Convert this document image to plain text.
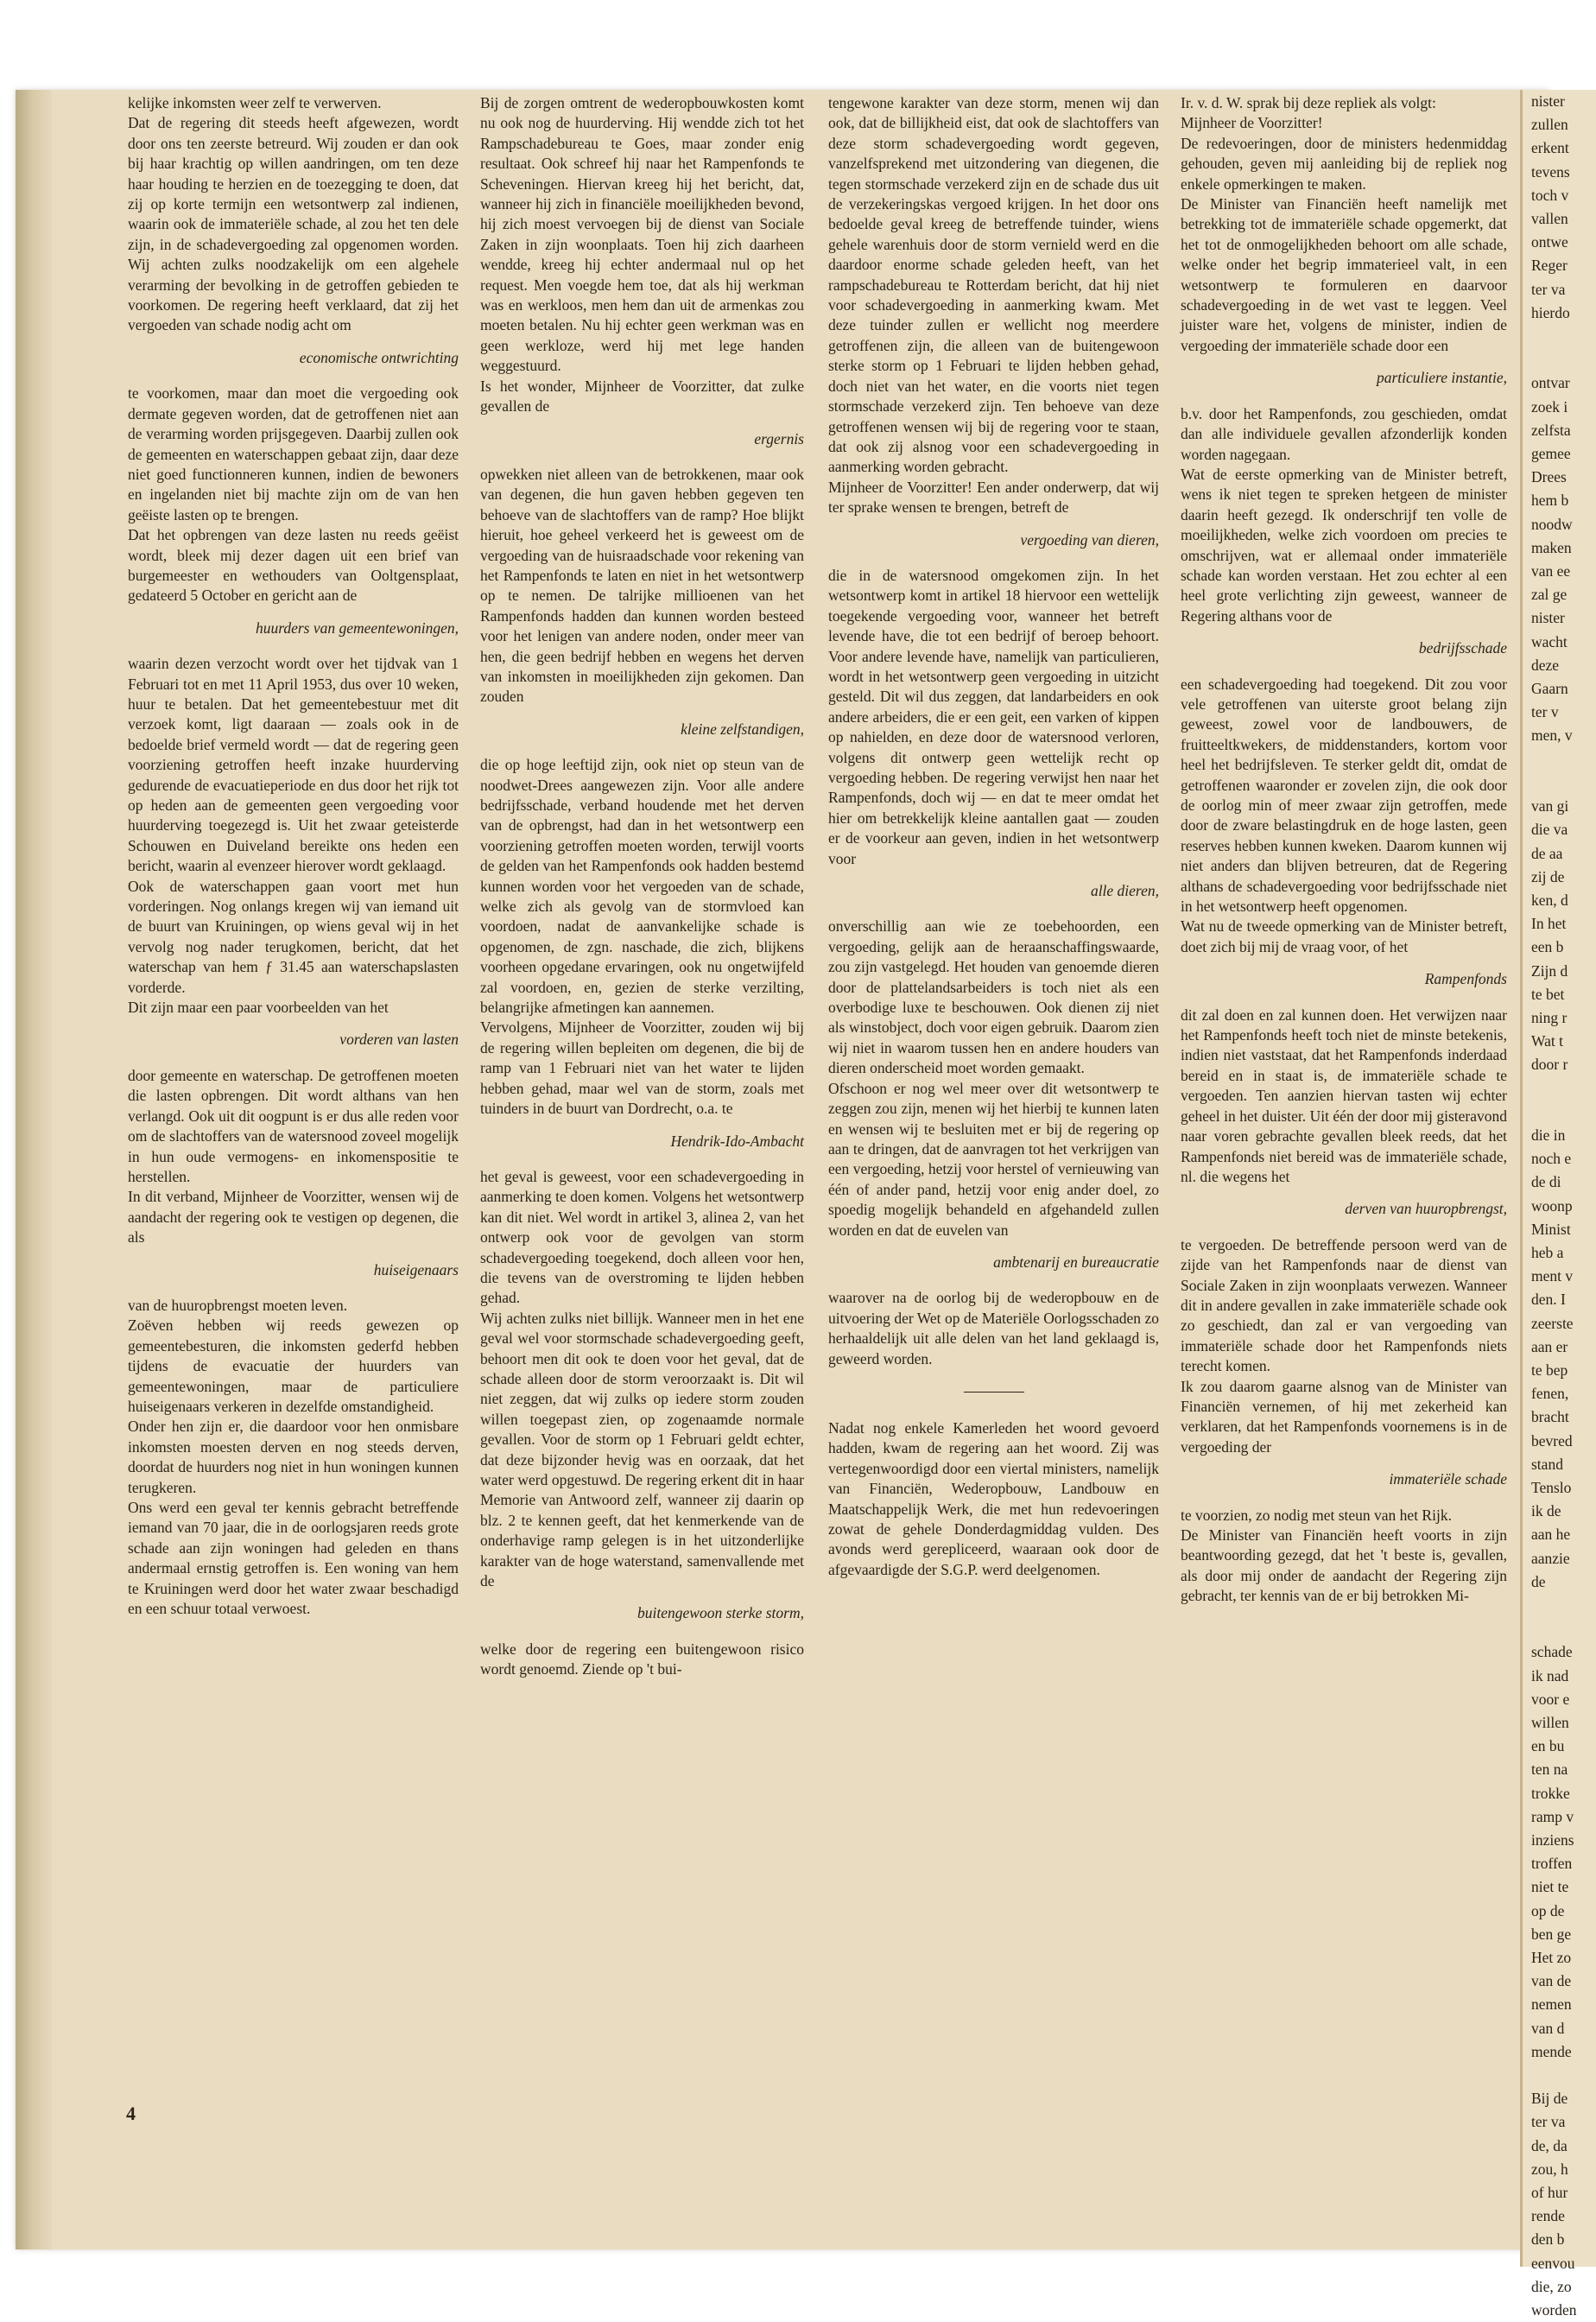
kelijke inkomsten weer zelf te verwerven.

Dat de regering dit steeds heeft afgewezen, wordt door ons ten zeerste betreurd. Wij zouden er dan ook bij haar krachtig op willen aandringen, om ten deze haar houding te herzien en de toezegging te doen, dat zij op korte termijn een wetsontwerp zal indienen, waarin ook de immateriële schade, al zou het ten dele zijn, in de schadevergoeding zal opgenomen worden. Wij achten zulks noodzakelijk om een algehele verarming der bevolking in de getroffen gebieden te voorkomen. De regering heeft verklaard, dat zij het vergoeden van schade nodig acht om

economische ontwrichting

te voorkomen, maar dan moet die vergoeding ook dermate gegeven worden, dat de getroffenen niet aan de verarming worden prijsgegeven. Daarbij zullen ook de gemeenten en waterschappen gebaat zijn, daar deze niet goed functionneren kunnen, indien de bewoners en ingelanden niet bij machte zijn om de van hen geëiste lasten op te brengen.

Dat het opbrengen van deze lasten nu reeds geëist wordt, bleek mij dezer dagen uit een brief van burgemeester en wethouders van Ooltgensplaat, gedateerd 5 October en gericht aan de

huurders van gemeentewoningen,

waarin dezen verzocht wordt over het tijdvak van 1 Februari tot en met 11 April 1953, dus over 10 weken, huur te betalen. Dat het gemeentebestuur met dit verzoek komt, ligt daaraan — zoals ook in de bedoelde brief vermeld wordt — dat de regering geen voorziening getroffen heeft inzake huurderving gedurende de evacuatieperiode en dus door het rijk tot op heden aan de gemeenten geen vergoeding voor huurderving toegezegd is. Uit het zwaar geteisterde Schouwen en Duiveland bereikte ons heden een bericht, waarin al evenzeer hierover wordt geklaagd.

Ook de waterschappen gaan voort met hun vorderingen. Nog onlangs kregen wij van iemand uit de buurt van Kruiningen, op wiens geval wij in het vervolg nog nader terugkomen, bericht, dat het waterschap van hem ƒ 31.45 aan waterschapslasten vorderde.

Dit zijn maar een paar voorbeelden van het

vorderen van lasten

door gemeente en waterschap. De getroffenen moeten die lasten opbrengen. Dit wordt althans van hen verlangd. Ook uit dit oogpunt is er dus alle reden voor om de slachtoffers van de watersnood zoveel mogelijk in hun oude vermogens- en inkomenspositie te herstellen.

In dit verband, Mijnheer de Voorzitter, wensen wij de aandacht der regering ook te vestigen op degenen, die als

huiseigenaars

van de huuropbrengst moeten leven.

Zoëven hebben wij reeds gewezen op gemeentebesturen, die inkomsten gederfd hebben tijdens de evacuatie der huurders van gemeentewoningen, maar de particuliere huiseigenaars verkeren in dezelfde omstandigheid.

Onder hen zijn er, die daardoor voor hen onmisbare inkomsten moesten derven en nog steeds derven, doordat de huurders nog niet in hun woningen kunnen terugkeren.

Ons werd een geval ter kennis gebracht betreffende iemand van 70 jaar, die in de oorlogsjaren reeds grote schade aan zijn woningen had geleden en thans andermaal ernstig getroffen is. Een woning van hem te Kruiningen werd door het water zwaar beschadigd en een schuur totaal verwoest.

Bij de zorgen omtrent de wederopbouwkosten komt nu ook nog de huurderving. Hij wendde zich tot het Rampschadebureau te Goes, maar zonder enig resultaat. Ook schreef hij naar het Rampenfonds te Scheveningen. Hiervan kreeg hij het bericht, dat, wanneer hij zich in financiële moeilijkheden bevond, hij zich moest vervoegen bij de dienst van Sociale Zaken in zijn woonplaats. Toen hij zich daarheen wendde, kreeg hij echter andermaal nul op het request. Men voegde hem toe, dat als hij werkman was en werkloos, men hem dan uit de armenkas zou moeten betalen. Nu hij echter geen werkman was en geen werkloze, werd hij met lege handen weggestuurd.

Is het wonder, Mijnheer de Voorzitter, dat zulke gevallen de

ergernis

opwekken niet alleen van de betrokkenen, maar ook van degenen, die hun gaven hebben gegeven ten behoeve van de slachtoffers van de ramp? Hoe blijkt hieruit, hoe geheel verkeerd het is geweest om de vergoeding van de huisraadschade voor rekening van het Rampenfonds te laten en niet in het wetsontwerp op te nemen. De talrijke millioenen van het Rampenfonds hadden dan kunnen worden besteed voor het lenigen van andere noden, onder meer van hen, die geen bedrijf hebben en wegens het derven van inkomsten in moeilijkheden zijn gekomen. Dan zouden

kleine zelfstandigen,

die op hoge leeftijd zijn, ook niet op steun van de noodwet-Drees aangewezen zijn. Voor alle andere bedrijfsschade, verband houdende met het derven van de opbrengst, had dan in het wetsontwerp een voorziening getroffen moeten worden, terwijl voorts de gelden van het Rampenfonds ook hadden bestemd kunnen worden voor het vergoeden van de schade, welke zich als gevolg van de stormvloed kan voordoen, nadat de aanvankelijke schade is opgenomen, de zgn. naschade, die zich, blijkens voorheen opgedane ervaringen, ook nu ongetwijfeld zal voordoen, en, gezien de sterke verzilting, belangrijke afmetingen kan aannemen.

Vervolgens, Mijnheer de Voorzitter, zouden wij bij de regering willen bepleiten om degenen, die bij de ramp van 1 Februari niet van het water te lijden hebben gehad, maar wel van de storm, zoals met tuinders in de buurt van Dordrecht, o.a. te

Hendrik-Ido-Ambacht

het geval is geweest, voor een schadevergoeding in aanmerking te doen komen. Volgens het wetsontwerp kan dit niet. Wel wordt in artikel 3, alinea 2, van het ontwerp ook voor de gevolgen van storm schadevergoeding toegekend, doch alleen voor hen, die tevens van de overstroming te lijden hebben gehad.

Wij achten zulks niet billijk. Wanneer men in het ene geval wel voor stormschade schadevergoeding geeft, behoort men dit ook te doen voor het geval, dat de schade alleen door de storm veroorzaakt is. Dit wil niet zeggen, dat wij zulks op iedere storm zouden willen toegepast zien, op zogenaamde normale gevallen. Voor de storm op 1 Februari geldt echter, dat deze bijzonder hevig was en oorzaak, dat het water werd opgestuwd. De regering erkent dit in haar Memorie van Antwoord zelf, wanneer zij daarin op blz. 2 te kennen geeft, dat het kenmerkende van de onderhavige ramp gelegen is in het uitzonderlijke karakter van de hoge waterstand, samenvallende met de

buitengewoon sterke storm,

welke door de regering een buitengewoon risico wordt genoemd. Ziende op 't bui-

tengewone karakter van deze storm, menen wij dan ook, dat de billijkheid eist, dat ook de slachtoffers van deze storm schadevergoeding wordt gegeven, vanzelfsprekend met uitzondering van diegenen, die tegen stormschade verzekerd zijn en de schade dus uit de verzekeringskas vergoed krijgen. In het door ons bedoelde geval kreeg de betreffende tuinder, wiens gehele warenhuis door de storm vernield werd en die daardoor enorme schade geleden heeft, van het rampschadebureau te Rotterdam bericht, dat hij niet voor schadevergoeding in aanmerking kwam. Met deze tuinder zullen er wellicht nog meerdere getroffenen zijn, die alleen van de buitengewoon sterke storm op 1 Februari te lijden hebben gehad, doch niet van het water, en die voorts niet tegen stormschade verzekerd zijn. Ten behoeve van deze getroffenen wensen wij bij de regering voor te staan, dat ook zij alsnog voor een schadevergoeding in aanmerking worden gebracht.

Mijnheer de Voorzitter! Een ander onderwerp, dat wij ter sprake wensen te brengen, betreft de

vergoeding van dieren,

die in de watersnood omgekomen zijn. In het wetsontwerp komt in artikel 18 hiervoor een wettelijk toegekende vergoeding voor, wanneer het betreft levende have, die tot een bedrijf of beroep behoort. Voor andere levende have, namelijk van particulieren, wordt in het wetsontwerp geen vergoeding in uitzicht gesteld. Dit wil dus zeggen, dat landarbeiders en ook andere arbeiders, die er een geit, een varken of kippen op nahielden, en deze door de watersnood verloren, volgens dit ontwerp geen wettelijk recht op vergoeding hebben. De regering verwijst hen naar het Rampenfonds, doch wij — en dat te meer omdat het hier om betrekkelijk kleine aantallen gaat — zouden er de voorkeur aan geven, indien in het wetsontwerp voor

alle dieren,

onverschillig aan wie ze toebehoorden, een vergoeding, gelijk aan de heraanschaffingswaarde, zou zijn vastgelegd. Het houden van genoemde dieren door de plattelandsarbeiders is toch niet als een overbodige luxe te beschouwen. Ook dienen zij niet als winstobject, doch voor eigen gebruik. Daarom zien wij niet in waarom tussen hen en andere houders van dieren onderscheid moet worden gemaakt.

Ofschoon er nog wel meer over dit wetsontwerp te zeggen zou zijn, menen wij het hierbij te kunnen laten en wensen wij te besluiten met er bij de regering op aan te dringen, dat de aanvragen tot het verkrijgen van een vergoeding, hetzij voor herstel of vernieuwing van één of ander pand, hetzij voor enig ander doel, zo spoedig mogelijk behandeld en afgehandeld zullen worden en dat de euvelen van

ambtenarij en bureaucratie

waarover na de oorlog bij de wederopbouw en de uitvoering der Wet op de Materiële Oorlogsschaden zo herhaaldelijk uit alle delen van het land geklaagd is, geweerd worden.

Nadat nog enkele Kamerleden het woord gevoerd hadden, kwam de regering aan het woord. Zij was vertegenwoordigd door een viertal ministers, namelijk van Financiën, Wederopbouw, Landbouw en Maatschappelijk Werk, die met hun redevoeringen zowat de gehele Donderdagmiddag vulden. Des avonds werd gerepliceerd, waaraan ook door de afgevaardigde der S.G.P. werd deelgenomen.

Ir. v. d. W. sprak bij deze repliek als volgt:

Mijnheer de Voorzitter!

De redevoeringen, door de ministers hedenmiddag gehouden, geven mij aanleiding bij de repliek nog enkele opmerkingen te maken.

De Minister van Financiën heeft namelijk met betrekking tot de immateriële schade opgemerkt, dat het tot de onmogelijkheden behoort om alle schade, welke onder het begrip immaterieel valt, in een wetsontwerp te formuleren en daarvoor schadevergoeding in de wet vast te leggen. Veel juister ware het, volgens de minister, indien de vergoeding der immateriële schade door een

particuliere instantie,

b.v. door het Rampenfonds, zou geschieden, omdat dan alle individuele gevallen afzonderlijk konden worden nagegaan.

Wat de eerste opmerking van de Minister betreft, wens ik niet tegen te spreken hetgeen de minister daarin heeft gezegd. Ik onderschrijf ten volle de moeilijkheden, welke zich voordoen om precies te omschrijven, wat er allemaal onder immateriële schade kan worden verstaan. Het zou echter al een heel grote verlichting zijn geweest, wanneer de Regering althans voor de

bedrijfsschade

een schadevergoeding had toegekend. Dit zou voor vele getroffenen van uiterste groot belang zijn geweest, zowel voor de landbouwers, de fruitteeltkwekers, de middenstanders, kortom voor heel het bedrijfsleven. Te sterker geldt dit, omdat de getroffenen waaronder er zovelen zijn, die ook door de oorlog min of meer zwaar zijn getroffen, mede door de zware belastingdruk en de hoge lasten, geen reserves hebben kunnen kweken. Daarom kunnen wij niet anders dan blijven betreuren, dat de Regering althans de schadevergoeding voor bedrijfsschade niet in het wetsontwerp heeft opgenomen.

Wat nu de tweede opmerking van de Minister betreft, doet zich bij mij de vraag voor, of het

Rampenfonds

dit zal doen en zal kunnen doen. Het verwijzen naar het Rampenfonds heeft toch niet de minste betekenis, indien niet vaststaat, dat het Rampenfonds inderdaad bereid en in staat is, de immateriële schade te vergoeden. Ten aanzien hiervan tasten wij echter geheel in het duister. Uit één der door mij gisteravond naar voren gebrachte gevallen bleek reeds, dat het Rampenfonds niet bereid was de immateriële schade, nl. die wegens het

derven van huuropbrengst,

te vergoeden. De betreffende persoon werd van de zijde van het Rampenfonds naar de dienst van Sociale Zaken in zijn woonplaats verwezen. Wanneer dit in andere gevallen in zake immateriële schade ook zo geschiedt, dan zal er van vergoeding van immateriële schade door het Rampenfonds niets terecht komen.

Ik zou daarom gaarne alsnog van de Minister van Financiën vernemen, of hij met zekerheid kan verklaren, dat het Rampenfonds voornemens is in de vergoeding der

immateriële schade

te voorzien, zo nodig met steun van het Rijk.

De Minister van Financiën heeft voorts in zijn beantwoording gezegd, dat het 't beste is, gevallen, als door mij onder de aandacht der Regering zijn gebracht, ter kennis van de er bij betrokken Mi-

nister
zullen
erkent
tevens
toch v
vallen
ontwe
Reger
ter va
hierdo

ontvar
zoek i
zelfsta
gemee
Drees
hem b
noodw
maken
van ee
zal ge
nister
wacht
deze
Gaarn
ter v
men, v

van gi
die va
de aa
zij de
ken, d
In het
een b
Zijn d
te bet
ning r
Wat t
door r

die in
noch e
de di
woonp
Minist
heb a
ment v
den. I
zeerste
aan er
te bep
fenen,
bracht
bevred
stand
Tenslo
ik de
aan he
aanzie
de

schade
ik nad
voor e
willen
en bu
ten na
trokke
ramp v
inziens
troffen
niet te
op de
ben ge
Het zo
van de
nemen
van d
mende

Bij de
ter va
de, da
zou, h
of hur
rende
den b
eenvou
die, zo
worden
4
